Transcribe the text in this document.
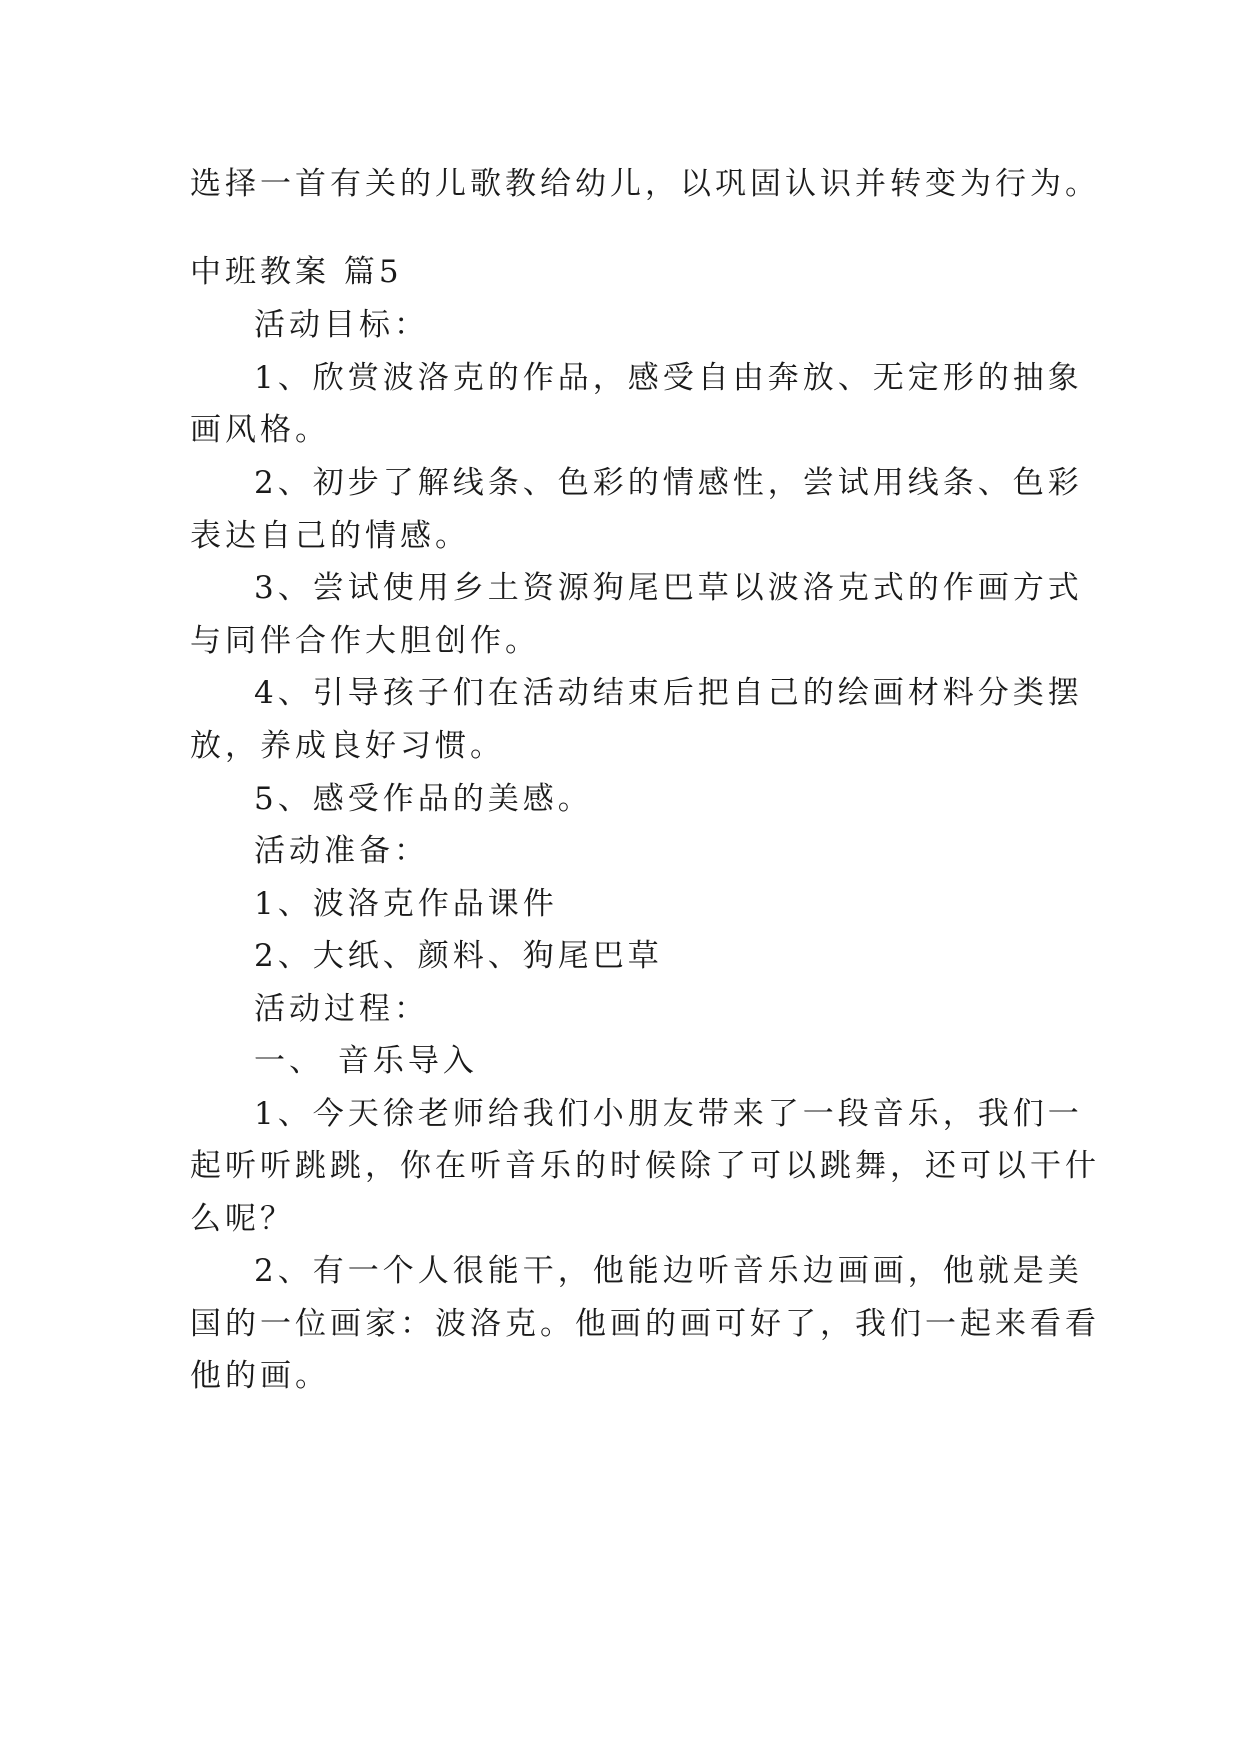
选择一首有关的儿歌教给幼儿，以巩固认识并转变为行为。
中班教案 篇5
活动目标：
1、欣赏波洛克的作品，感受自由奔放、无定形的抽象
画风格。
2、初步了解线条、色彩的情感性，尝试用线条、色彩
表达自己的情感。
3、尝试使用乡土资源狗尾巴草以波洛克式的作画方式
与同伴合作大胆创作。
4、引导孩子们在活动结束后把自己的绘画材料分类摆
放，养成良好习惯。
5、感受作品的美感。
活动准备：
1、波洛克作品课件
2、大纸、颜料、狗尾巴草
活动过程：
一、 音乐导入
1、今天徐老师给我们小朋友带来了一段音乐，我们一
起听听跳跳，你在听音乐的时候除了可以跳舞，还可以干什
么呢？
2、有一个人很能干，他能边听音乐边画画，他就是美
国的一位画家：波洛克。他画的画可好了，我们一起来看看
他的画。
